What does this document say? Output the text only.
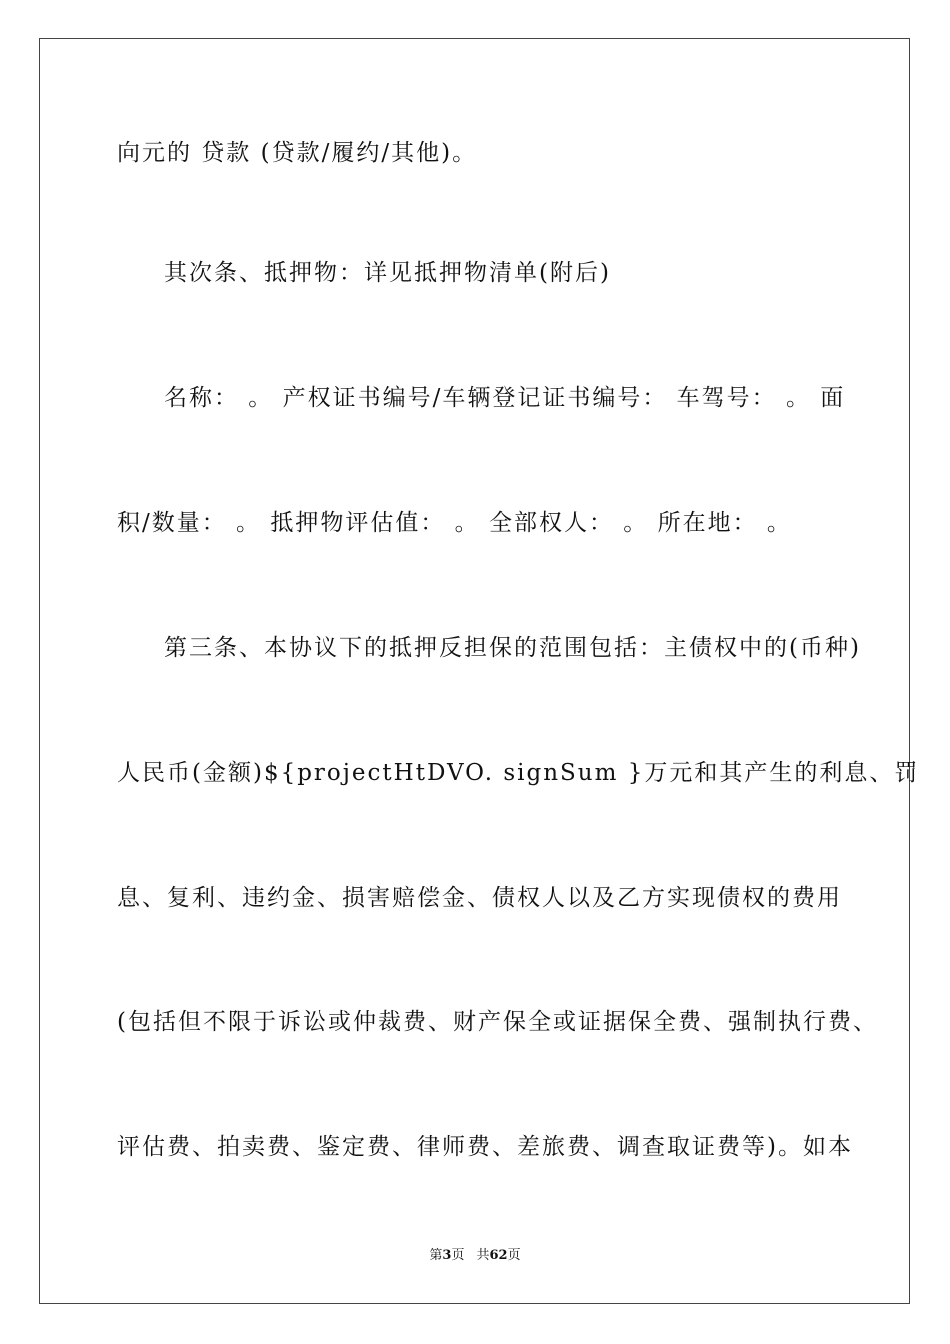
向元的 贷款 (贷款/履约/其他)。
其次条、抵押物：详见抵押物清单(附后)
名称： 。 产权证书编号/车辆登记证书编号： 车驾号： 。 面
积/数量： 。 抵押物评估值： 。 全部权人： 。 所在地： 。
第三条、本协议下的抵押反担保的范围包括：主债权中的(币种)
人民币(金额)${projectHtDVO. signSum }万元和其产生的利息、罚
息、复利、违约金、损害赔偿金、债权人以及乙方实现债权的费用
(包括但不限于诉讼或仲裁费、财产保全或证据保全费、强制执行费、
评估费、拍卖费、鉴定费、律师费、差旅费、调查取证费等)。如本
第3页 共62页
